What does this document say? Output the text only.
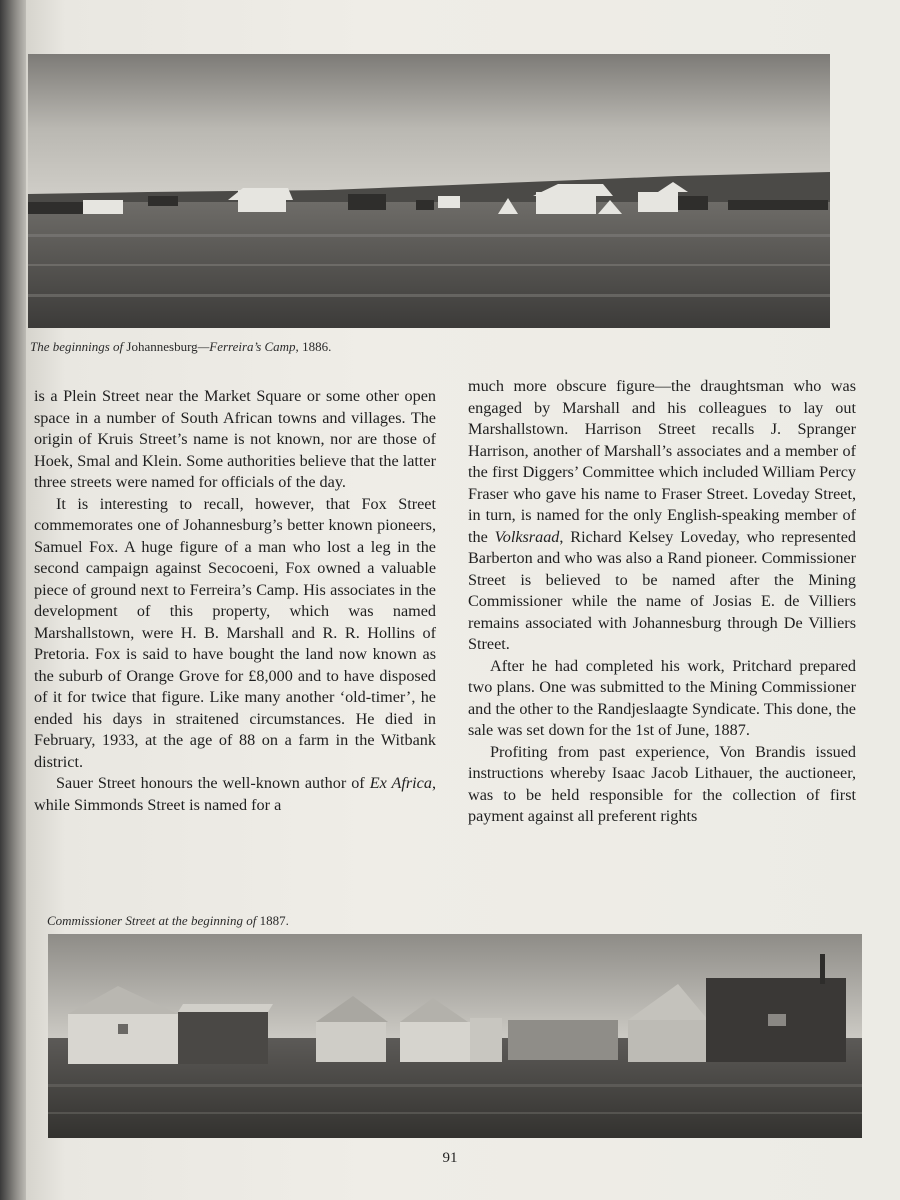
The beginnings of Johannesburg—Ferreira’s Camp, 1886.

is a Plein Street near the Market Square or some other open space in a number of South African towns and villages. The origin of Kruis Street’s name is not known, nor are those of Hoek, Smal and Klein. Some authorities believe that the latter three streets were named for officials of the day.

It is interesting to recall, however, that Fox Street commemorates one of Johannesburg’s better known pioneers, Samuel Fox. A huge figure of a man who lost a leg in the second campaign against Secocoeni, Fox owned a valuable piece of ground next to Ferreira’s Camp. His associates in the development of this property, which was named Marshallstown, were H. B. Marshall and R. R. Hollins of Pretoria. Fox is said to have bought the land now known as the suburb of Orange Grove for £8,000 and to have disposed of it for twice that figure. Like many another ‘old-timer’, he ended his days in straitened circumstances. He died in February, 1933, at the age of 88 on a farm in the Witbank district.

Sauer Street honours the well-known author of Ex Africa, while Simmonds Street is named for a

much more obscure figure—the draughtsman who was engaged by Marshall and his colleagues to lay out Marshallstown. Harrison Street recalls J. Spranger Harrison, another of Marshall’s associates and a member of the first Diggers’ Committee which included William Percy Fraser who gave his name to Fraser Street. Loveday Street, in turn, is named for the only English-speaking member of the Volksraad, Richard Kelsey Loveday, who represented Barberton and who was also a Rand pioneer. Commissioner Street is believed to be named after the Mining Commissioner while the name of Josias E. de Villiers remains associated with Johannesburg through De Villiers Street.

After he had completed his work, Pritchard prepared two plans. One was submitted to the Mining Commissioner and the other to the Randjeslaagte Syndicate. This done, the sale was set down for the 1st of June, 1887.

Profiting from past experience, Von Brandis issued instructions whereby Isaac Jacob Lithauer, the auctioneer, was to be held responsible for the collection of first payment against all preferent rights

Commissioner Street at the beginning of 1887.
91
